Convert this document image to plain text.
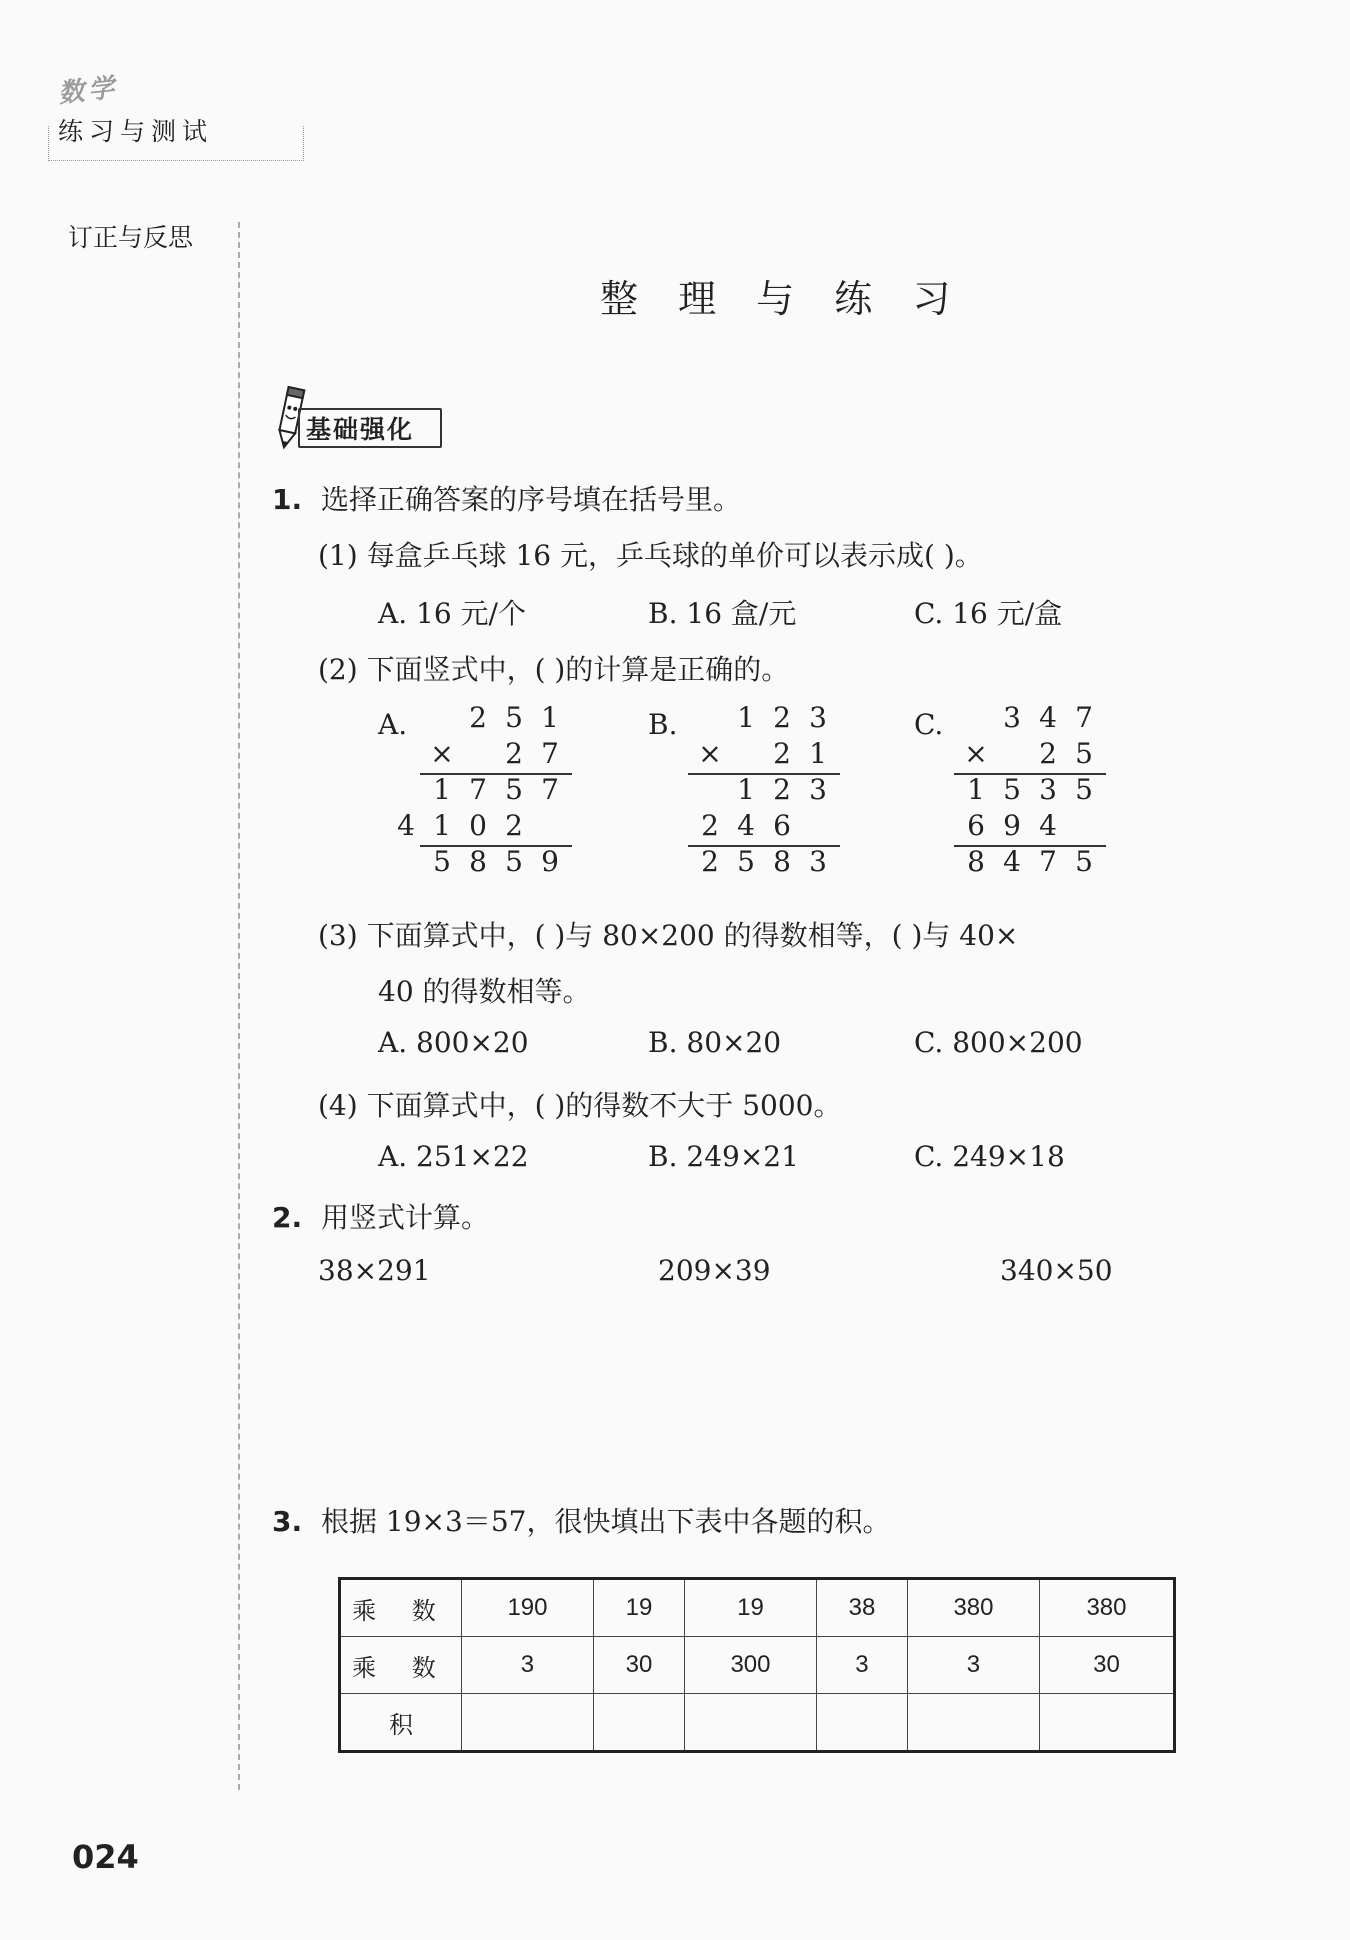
数学
练习与测试
订正与反思
整 理 与 练 习
基础强化
1. 选择正确答案的序号填在括号里。
(1) 每盒乒乓球 16 元，乒乓球的单价可以表示成( )。
A. 16 元/个	B. 16 盒/元	C. 16 元/盒
(2) 下面竖式中，( )的计算是正确的。
A.	B.	C.
2 5 1
×	2 7
1 7 5 7
4 1 0 2
5 8 5 9
1 2 3
×	2 1
1 2 3
2 4 6
2 5 8 3
3 4 7
×	2 5
1 5 3 5
6 9 4
8 4 7 5
(3) 下面算式中，( )与 80×200 的得数相等，( )与 40×
40 的得数相等。
A. 800×20	B. 80×20	C. 800×200
(4) 下面算式中，( )的得数不大于 5000。
A. 251×22	B. 249×21	C. 249×18
2. 用竖式计算。
38×291	209×39	340×50
3. 根据 19×3＝57，很快填出下表中各题的积。
乘 数	190	19	19	38	380	380
乘 数	3	30	300	3	3	30
积						
024
